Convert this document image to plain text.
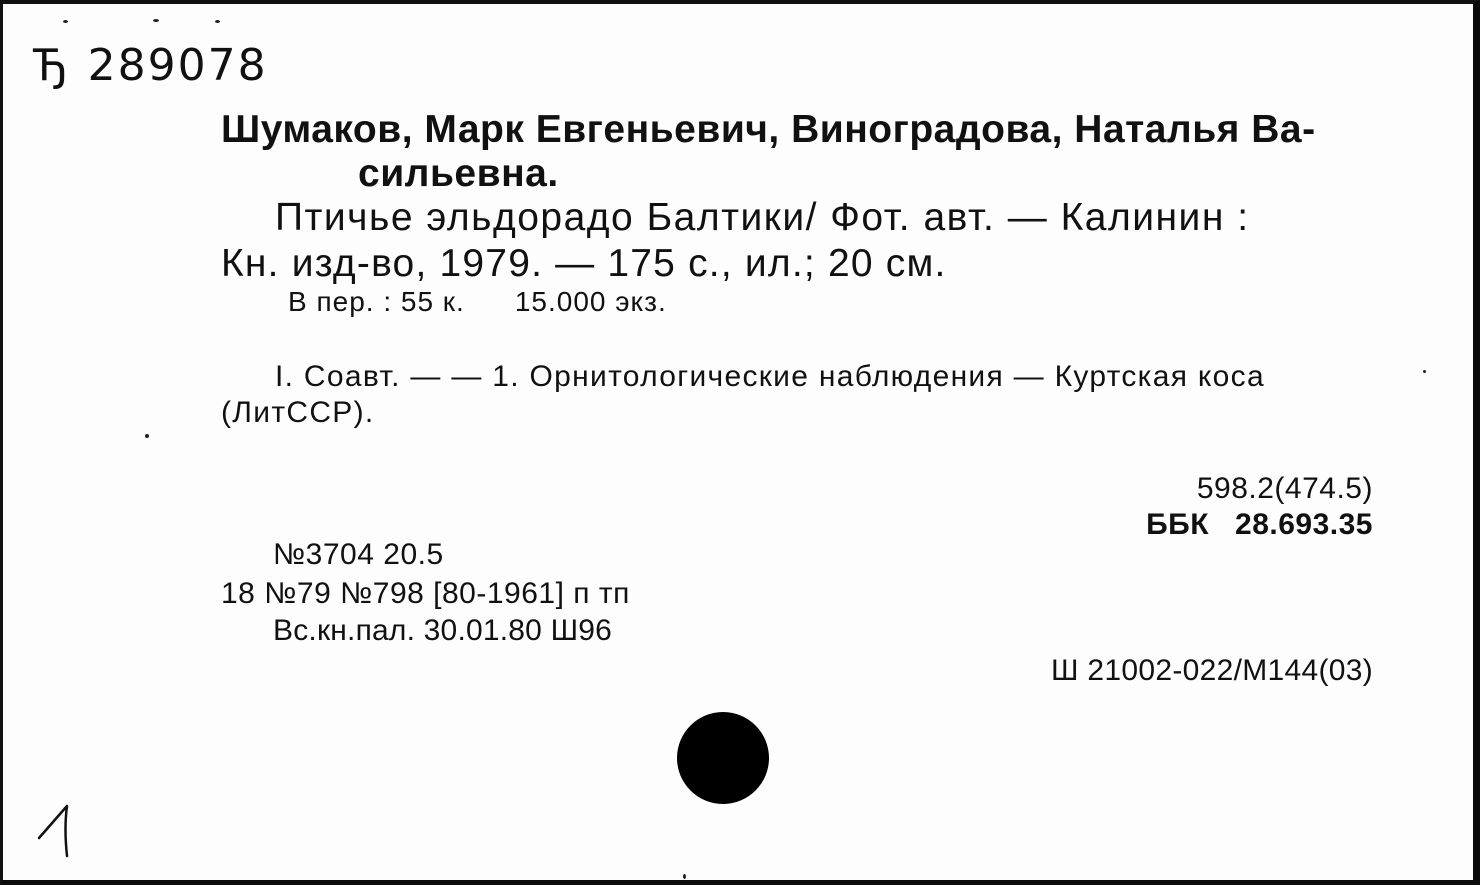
Ђ 289078
Шумаков, Марк Евгеньевич, Виноградова, Наталья Ва-
сильевна.
Птичье эльдорадо Балтики/ Фот. авт. — Калинин :
Кн. изд-во, 1979. — 175 с., ил.; 20 см.
В пер. : 55 к. 15.000 экз.
I. Соавт. — — 1. Орнитологические наблюдения — Куртская коса
(ЛитССР).
598.2(474.5)
ББК 28.693.35
№3704 20.5
18 №79 №798 [80-1961] п тп
Вс.кн.пал. 30.01.80 Ш96
Ш 21002-022/М144(03)
